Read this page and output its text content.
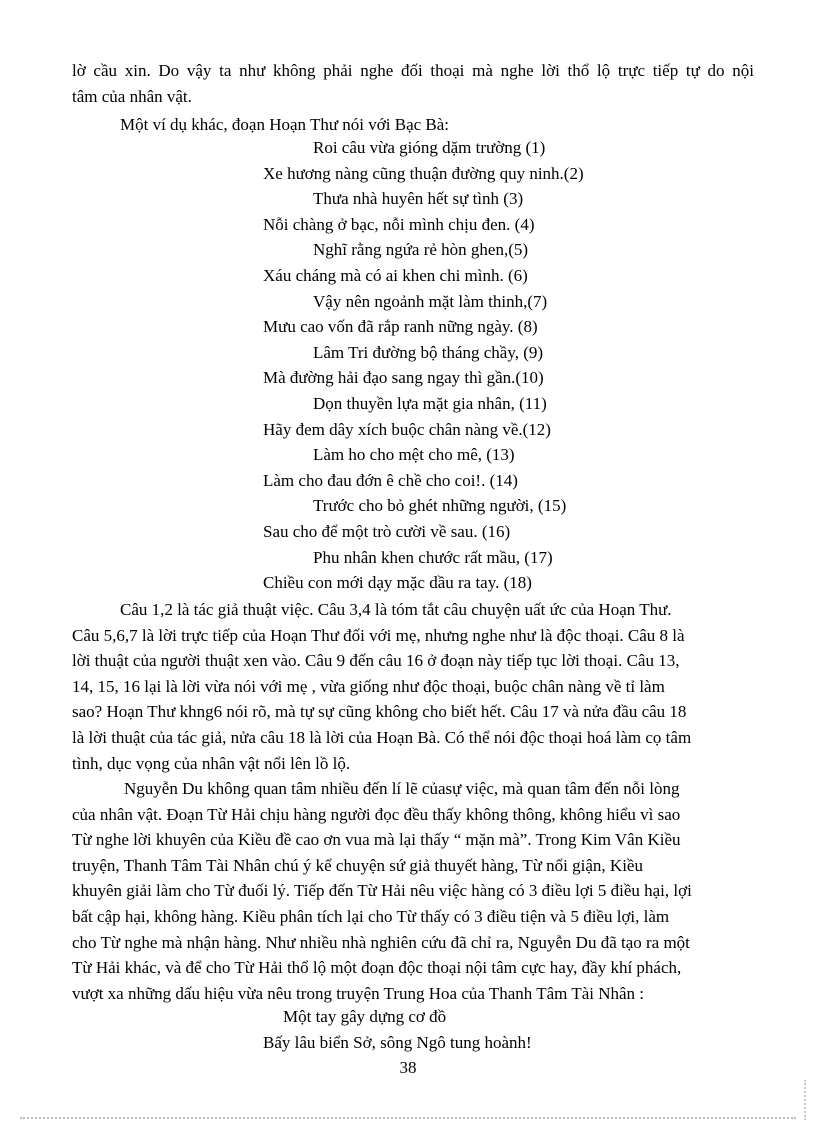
lờ cầu xin. Do vậy ta như không phải nghe đối thoại mà nghe lời thổ lộ trực tiếp tự do nội
tâm của nhân vật.
Một ví dụ khác, đoạn Hoạn Thư nói với Bạc Bà:
Roi câu vừa gióng dặm trường (1)
Xe hương nàng cũng thuận đường quy ninh.(2)
Thưa nhà huyên hết sự tình (3)
Nỗi chàng ở bạc, nỗi mình chịu đen. (4)
Nghĩ rằng ngứa rẻ hòn ghen,(5)
Xáu cháng mà có ai khen chi mình. (6)
Vậy nên ngoảnh mặt làm thinh,(7)
Mưu cao vốn đã rắp ranh nững ngày. (8)
Lâm Tri đường bộ tháng chầy, (9)
Mà đường hải đạo sang ngay thì gần.(10)
Dọn thuyền lựa mặt gia nhân, (11)
Hãy đem dây xích buộc chân nàng về.(12)
Làm ho cho mệt cho mê, (13)
Làm cho đau đớn ê chề cho coi!. (14)
Trước cho bỏ ghét những người, (15)
Sau cho để một trò cười về sau. (16)
Phu nhân khen chước rất mầu, (17)
Chiều con mới dạy mặc dầu ra tay. (18)
Câu 1,2 là tác giả thuật việc. Câu 3,4 là tóm tắt câu chuyện uất ức của Hoạn Thư.
Câu 5,6,7 là lời trực tiếp của Hoạn Thư đối với mẹ, nhưng nghe như là độc thoại. Câu 8 là
lời thuật của người thuật xen vào. Câu 9 đến câu 16 ở đoạn này tiếp tục lời thoại. Câu 13,
14, 15, 16 lại là lời vừa nói với mẹ , vừa giống như độc thoại, buộc chân nàng về tỉ làm
sao? Hoạn Thư khng6 nói rõ, mà tự sự cũng không cho biết hết. Câu 17 và nửa đầu câu 18
là lời thuật của tác giả, nửa câu 18 là lời của Hoạn Bà. Có thể nói độc thoại hoá làm cọ tâm
tình, dục vọng của nhân vật nổi lên lồ lộ.
Nguyễn Du không quan tâm nhiều đến lí lẽ củasự việc, mà quan tâm đến nỗi lòng
của nhân vật. Đoạn Từ Hải chịu hàng người đọc đều thấy không thông, không hiểu vì sao
Từ nghe lời khuyên của Kiều đề cao ơn vua mà lại thấy “ mặn mà”. Trong Kim Vân Kiều
truyện, Thanh Tâm Tài Nhân chú ý kể chuyện sứ giả thuyết hàng, Từ nổi giận, Kiều
khuyên giải làm cho Từ đuối lý. Tiếp đến Từ Hải nêu việc hàng có 3 điều lợi 5 điều hại, lợi
bất cập hại, không hàng. Kiều phân tích lại cho Từ thấy có 3 điều tiện và 5 điều lợi, làm
cho Từ nghe mà nhận hàng. Như nhiều nhà nghiên cứu đã chỉ ra, Nguyễn Du đã tạo ra một
Từ Hải khác, và để cho Từ Hải thổ lộ một đoạn độc thoại nội tâm cực hay, đầy khí phách,
vượt xa những dấu hiệu vừa nêu trong truyện Trung Hoa của Thanh Tâm Tài Nhân :
Một tay gây dựng cơ đồ
Bấy lâu biển Sở, sông Ngô tung hoành!
38
